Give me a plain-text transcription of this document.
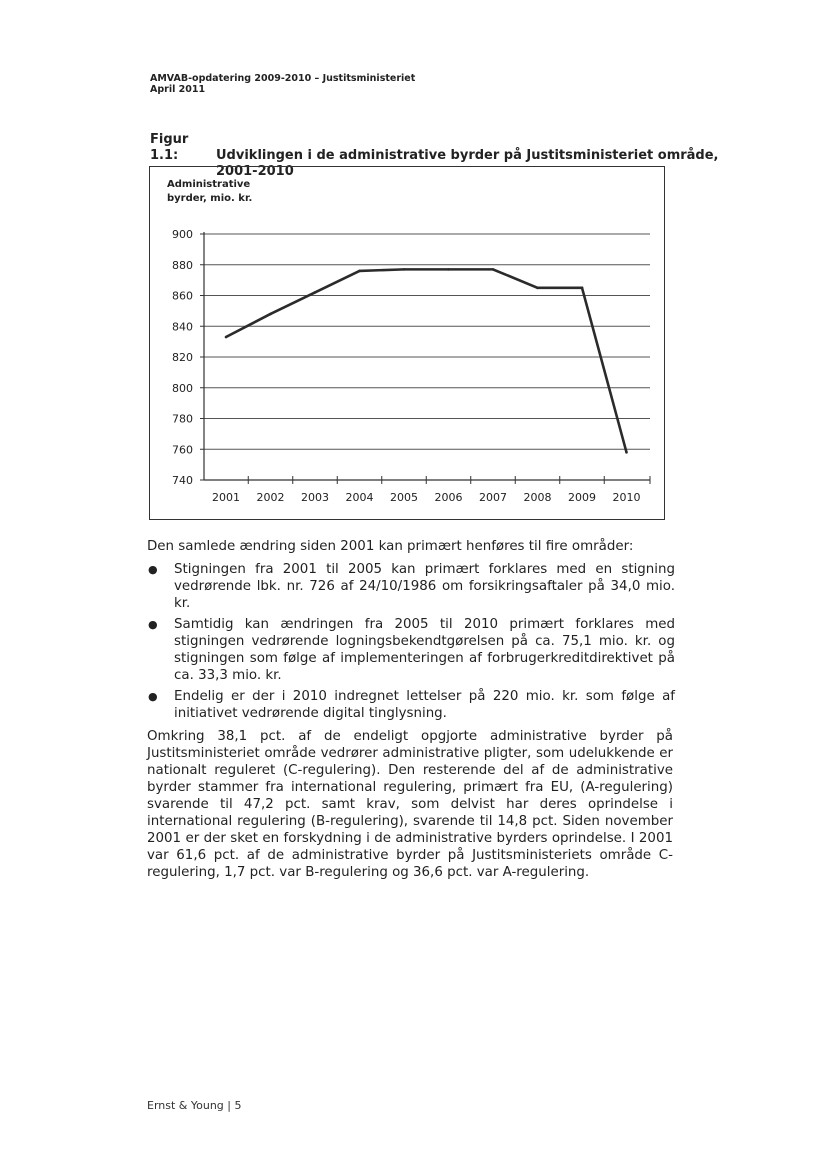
AMVAB-opdatering 2009-2010 – Justitsministeriet
April 2011
Figur 1.1:	Udviklingen i de administrative byrder på Justitsministeriet område,
2001-2010
Administrative
byrder, mio. kr.
900
880
860
840
820
800
780
760
740
2001 2002 2003 2004 2005 2006 2007 2008 2009 2010
Den samlede ændring siden 2001 kan primært henføres til fire områder:
● Stigningen fra 2001 til 2005 kan primært forklares med en stigning vedrørende lbk. nr. 726 af 24/10/1986 om forsikringsaftaler på 34,0 mio. kr.
● Samtidig kan ændringen fra 2005 til 2010 primært forklares med stigningen vedrørende logningsbekendtgørelsen på ca. 75,1 mio. kr. og stigningen som følge af implementeringen af forbrugerkreditdirektivet på ca. 33,3 mio. kr.
● Endelig er der i 2010 indregnet lettelser på 220 mio. kr. som følge af initiativet vedrørende digital tinglysning.
Omkring 38,1 pct. af de endeligt opgjorte administrative byrder på Justitsministeriet område vedrører administrative pligter, som udelukkende er nationalt reguleret (C-regulering). Den resterende del af de administrative byrder stammer fra international regulering, primært fra EU, (A-regulering) svarende til 47,2 pct. samt krav, som delvist har deres oprindelse i international regulering (B-regulering), svarende til 14,8 pct. Siden november 2001 er der sket en forskydning i de administrative byrders oprindelse. I 2001 var 61,6 pct. af de administrative byrder på Justitsministeriets område C-regulering, 1,7 pct. var B-regulering og 36,6 pct. var A-regulering.
Ernst & Young | 5
